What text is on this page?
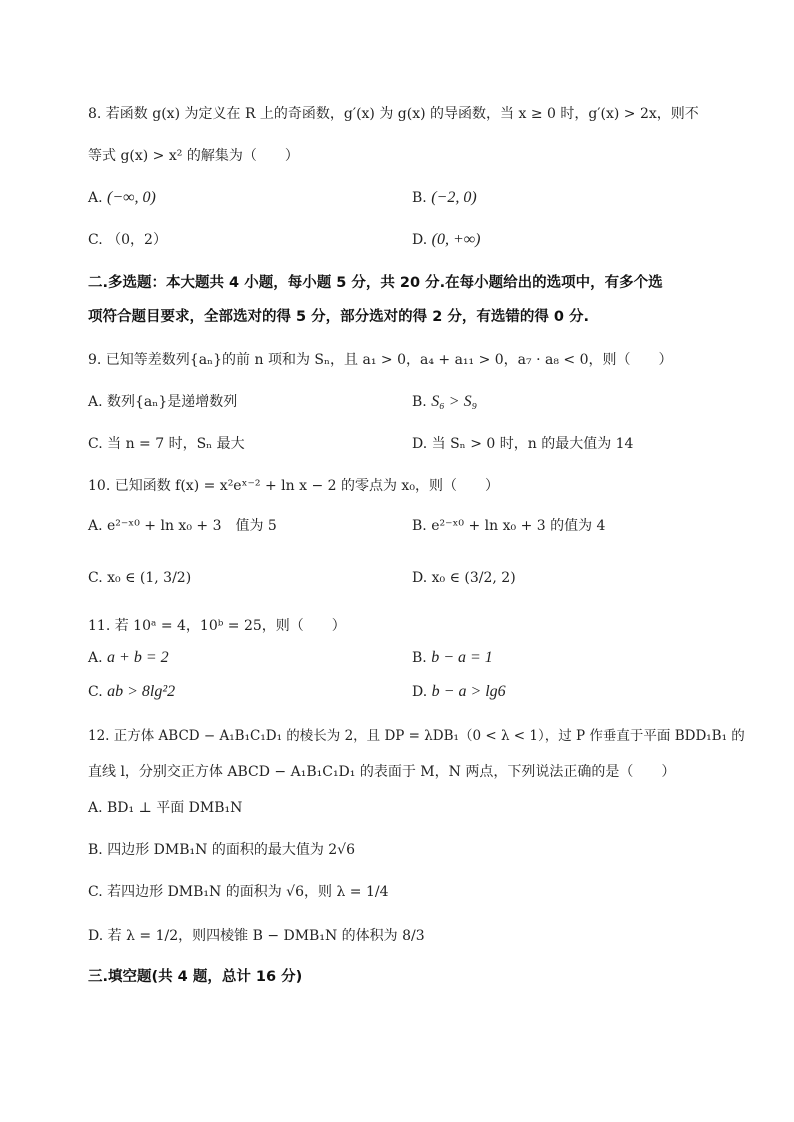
8. 若函数 g(x) 为定义在 R 上的奇函数，g′(x) 为 g(x) 的导函数，当 x ≥ 0 时，g′(x) > 2x，则不
等式 g(x) > x² 的解集为（　　）
A. (−∞, 0)	B. (−2, 0)
C. （0，2）	D. (0, +∞)
二.多选题：本大题共 4 小题，每小题 5 分，共 20 分.在每小题给出的选项中，有多个选
项符合题目要求，全部选对的得 5 分，部分选对的得 2 分，有选错的得 0 分.
9. 已知等差数列{aₙ}的前 n 项和为 Sₙ，且 a₁ > 0，a₄ + a₁₁ > 0，a₇ · a₈ < 0，则（　　）
A. 数列{aₙ}是递增数列	B. S₆ > S₉
C. 当 n = 7 时，Sₙ 最大	D. 当 Sₙ > 0 时，n 的最大值为 14
10. 已知函数 f(x) = x²eˣ⁻² + ln x − 2 的零点为 x₀，则（　　）
A. e²⁻ˣ⁰ + ln x₀ + 3　值为 5	B. e²⁻ˣ⁰ + ln x₀ + 3 的值为 4
C. x₀ ∈ (1, 3/2)	D. x₀ ∈ (3/2, 2)
11. 若 10ᵃ = 4，10ᵇ = 25，则（　　）
A. a + b = 2	B. b − a = 1
C. ab > 8lg²2	D. b − a > lg6
12. 正方体 ABCD − A₁B₁C₁D₁ 的棱长为 2，且 DP = λDB₁（0 < λ < 1），过 P 作垂直于平面 BDD₁B₁ 的
直线 l，分别交正方体 ABCD − A₁B₁C₁D₁ 的表面于 M，N 两点，下列说法正确的是（　　）
A. BD₁ ⊥ 平面 DMB₁N
B. 四边形 DMB₁N 的面积的最大值为 2√6
C. 若四边形 DMB₁N 的面积为 √6，则 λ = 1/4
D. 若 λ = 1/2，则四棱锥 B − DMB₁N 的体积为 8/3
三.填空题(共 4 题，总计 16 分)
